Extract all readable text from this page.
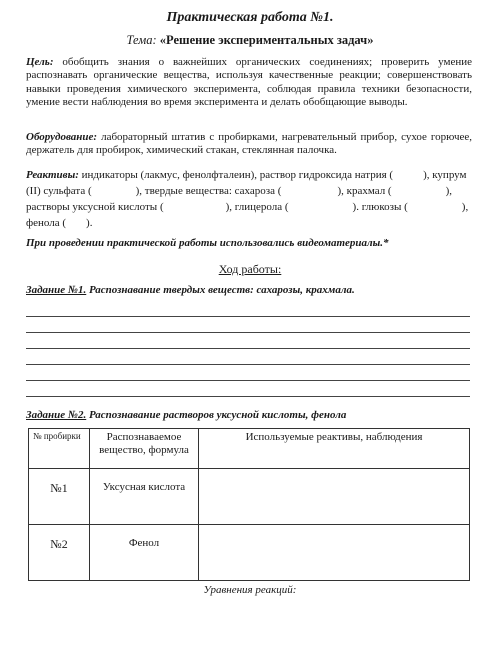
Практическая работа №1.
Тема: «Решение экспериментальных задач»
Цель: обобщить знания о важнейших органических соединениях; проверить умение распознавать органические вещества, используя качественные реакции; совершенствовать навыки проведения химического эксперимента, соблюдая правила техники безопасности, умение вести наблюдения во время эксперимента и делать обобщающие выводы.
Оборудование: лабораторный штатив с пробирками, нагревательный прибор, сухое горючее, держатель для пробирок, химический стакан, стеклянная палочка.
Реактивы: индикаторы (лакмус, фенолфталеин), раствор гидроксида натрия (	), купрум (II) сульфата (	), твердые вещества: сахароза (	), крахмал (	), растворы уксусной кислоты (	), глицерола (	). глюкозы (	), фенола ( ).
При проведении практической работы использовались видеоматериалы.*
Ход работы:
Задание №1. Распознавание твердых веществ: сахарозы, крахмала.
Задание №2. Распознавание растворов уксусной кислоты, фенола
№ пробирки	Распознаваемое вещество, формула	Используемые реактивы, наблюдения
№1	Уксусная кислота	
№2	Фенол	
Уравнения реакций:
